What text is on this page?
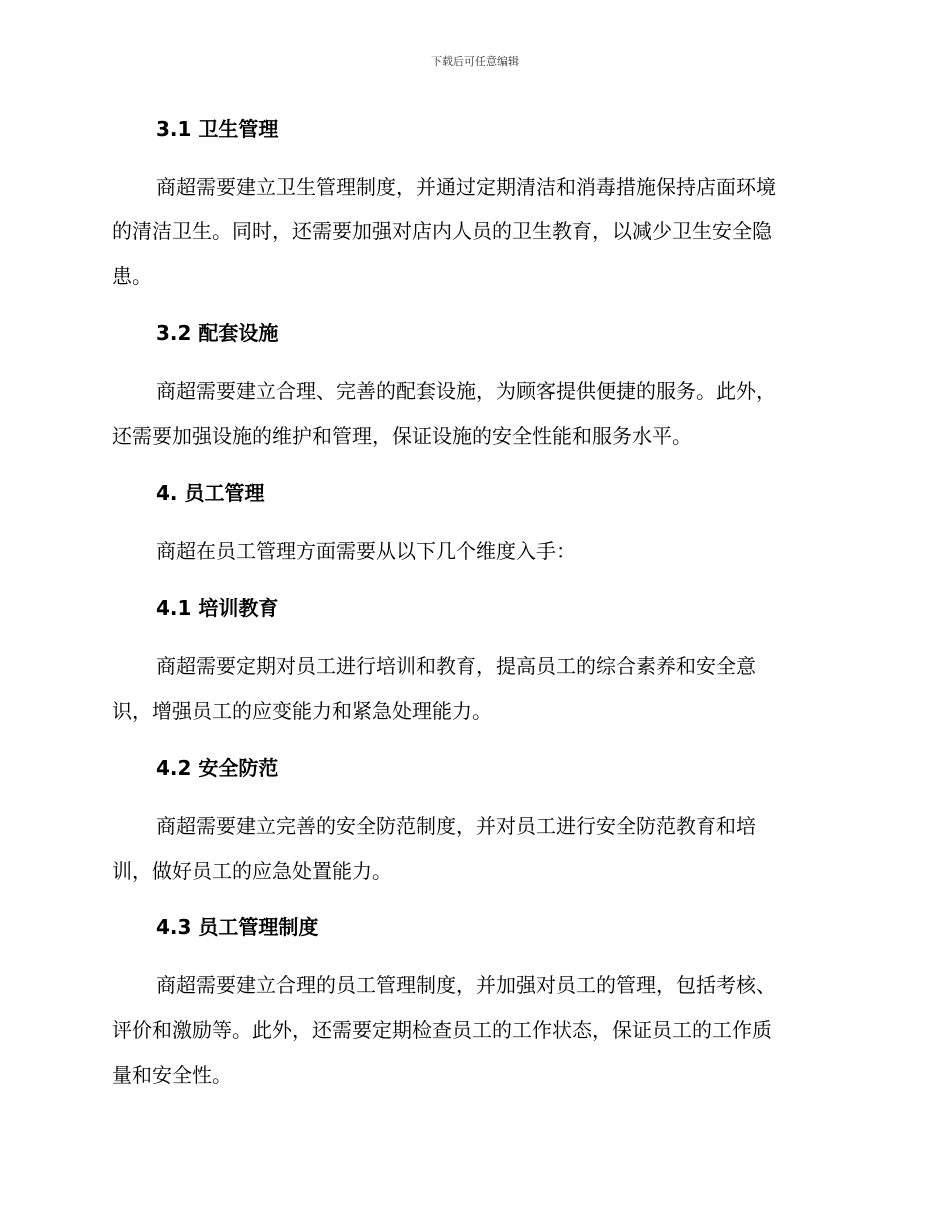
下载后可任意编辑
3.1 卫生管理
商超需要建立卫生管理制度，并通过定期清洁和消毒措施保持店面环境
的清洁卫生。同时，还需要加强对店内人员的卫生教育，以减少卫生安全隐
患。
3.2 配套设施
商超需要建立合理、完善的配套设施，为顾客提供便捷的服务。此外，
还需要加强设施的维护和管理，保证设施的安全性能和服务水平。
4. 员工管理
商超在员工管理方面需要从以下几个维度入手：
4.1 培训教育
商超需要定期对员工进行培训和教育，提高员工的综合素养和安全意
识，增强员工的应变能力和紧急处理能力。
4.2 安全防范
商超需要建立完善的安全防范制度，并对员工进行安全防范教育和培
训，做好员工的应急处置能力。
4.3 员工管理制度
商超需要建立合理的员工管理制度，并加强对员工的管理，包括考核、
评价和激励等。此外，还需要定期检查员工的工作状态，保证员工的工作质
量和安全性。
